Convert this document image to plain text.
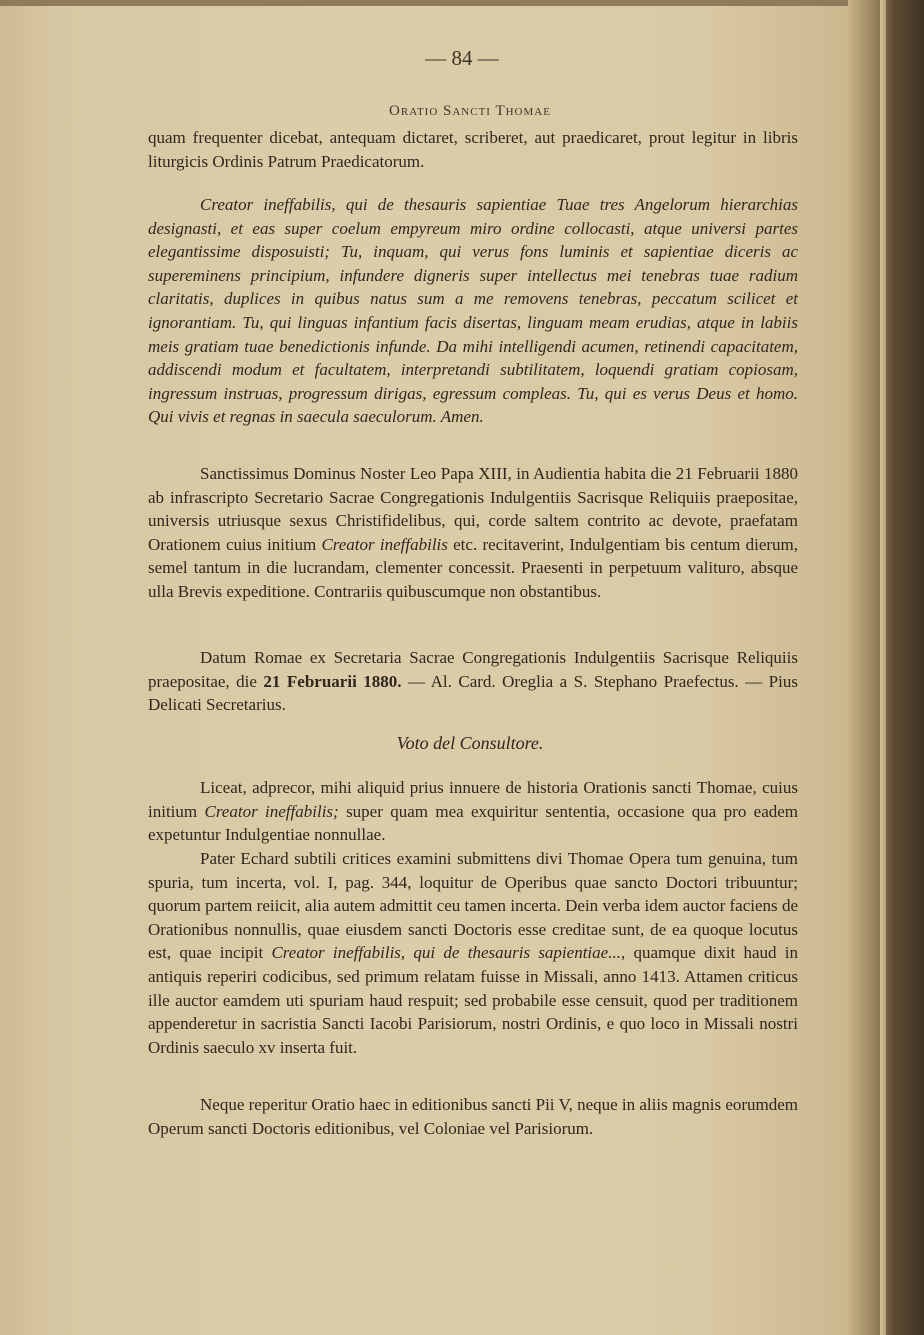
— 84 —
Oratio Sancti Thomae

quam frequenter dicebat, antequam dictaret, scriberet, aut praedicaret, prout legitur in libris liturgicis Ordinis Patrum Praedicatorum.

Creator ineffabilis, qui de thesauris sapientiae Tuae tres Angelorum hierarchias designasti, et eas super coelum empyreum miro ordine collocasti, atque universi partes elegantissime disposuisti; Tu, inquam, qui verus fons luminis et sapientiae diceris ac supereminens principium, infundere digneris super intellectus mei tenebras tuae radium claritatis, duplices in quibus natus sum a me removens tenebras, peccatum scilicet et ignorantiam. Tu, qui linguas infantium facis disertas, linguam meam erudias, atque in labiis meis gratiam tuae benedictionis infunde. Da mihi intelligendi acumen, retinendi capacitatem, addiscendi modum et facultatem, interpretandi subtilitatem, loquendi gratiam copiosam, ingressum instruas, progressum dirigas, egressum compleas. Tu, qui es verus Deus et homo. Qui vivis et regnas in saecula saeculorum. Amen.

Sanctissimus Dominus Noster Leo Papa XIII, in Audientia habita die 21 Februarii 1880 ab infrascripto Secretario Sacrae Congregationis Indulgentiis Sacrisque Reliquiis praepositae, universis utriusque sexus Christifidelibus, qui, corde saltem contrito ac devote, praefatam Orationem cuius initium Creator ineffabilis etc. recitaverint, Indulgentiam bis centum dierum, semel tantum in die lucrandam, clementer concessit. Praesenti in perpetuum valituro, absque ulla Brevis expeditione. Contrariis quibuscumque non obstantibus.

Datum Romae ex Secretaria Sacrae Congregationis Indulgentiis Sacrisque Reliquiis praepositae, die 21 Februarii 1880. — Al. Card. Oreglia a S. Stephano Praefectus. — Pius Delicati Secretarius.

Voto del Consultore.

Liceat, adprecor, mihi aliquid prius innuere de historia Orationis sancti Thomae, cuius initium Creator ineffabilis; super quam mea exquiritur sententia, occasione qua pro eadem expetuntur Indulgentiae nonnullae.

Pater Echard subtili critices examini submittens divi Thomae Opera tum genuina, tum spuria, tum incerta, vol. I, pag. 344, loquitur de Operibus quae sancto Doctori tribuuntur; quorum partem reiicit, alia autem admittit ceu tamen incerta. Dein verba idem auctor faciens de Orationibus nonnullis, quae eiusdem sancti Doctoris esse creditae sunt, de ea quoque locutus est, quae incipit Creator ineffabilis, qui de thesauris sapientiae..., quamque dixit haud in antiquis reperiri codicibus, sed primum relatam fuisse in Missali, anno 1413. Attamen criticus ille auctor eamdem uti spuriam haud respuit; sed probabile esse censuit, quod per traditionem appenderetur in sacristia Sancti Iacobi Parisiorum, nostri Ordinis, e quo loco in Missali nostri Ordinis saeculo xv inserta fuit.

Neque reperitur Oratio haec in editionibus sancti Pii V, neque in aliis magnis eorumdem Operum sancti Doctoris editionibus, vel Coloniae vel Parisiorum.
